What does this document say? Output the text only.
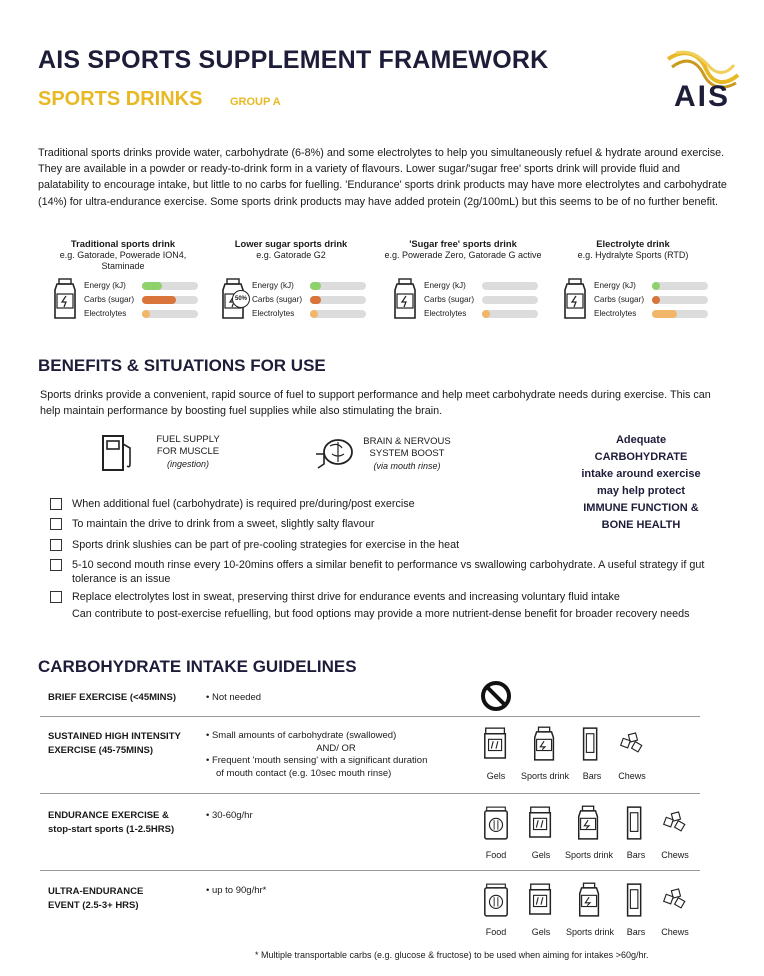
AIS SPORTS SUPPLEMENT FRAMEWORK
SPORTS DRINKS	GROUP A	AIS
Traditional sports drinks provide water, carbohydrate (6-8%) and some electrolytes to help you simultaneously refuel & hydrate around exercise. They are available in a powder or ready-to-drink form in a variety of flavours. Lower sugar/'sugar free' sports drink will provide fluid and palatability to encourage intake, but little to no carbs for fuelling. 'Endurance' sports drink products may have more electrolytes and carbohydrate (14%) for ultra-endurance exercise. Some sports drink products may have added protein (2g/100mL) but this seems to be of no further benefit.
Traditional sports drink
e.g. Gatorade, Powerade ION4, Staminade
Energy (kJ)
Carbs (sugar)
Electrolytes
Lower sugar sports drink
e.g. Gatorade G2
50%
Energy (kJ)
Carbs (sugar)
Electrolytes
'Sugar free' sports drink
e.g. Powerade Zero, Gatorade G active
Energy (kJ)
Carbs (sugar)
Electrolytes
Electrolyte drink
e.g. Hydralyte Sports (RTD)
Energy (kJ)
Carbs (sugar)
Electrolytes
BENEFITS & SITUATIONS FOR USE
Sports drinks provide a convenient, rapid source of fuel to support performance and help meet carbohydrate needs during exercise. This can help maintain performance by boosting fuel supplies while also stimulating the brain.
FUEL SUPPLY
FOR MUSCLE
(ingestion)
BRAIN & NERVOUS
SYSTEM BOOST
(via mouth rinse)
Adequate
CARBOHYDRATE
intake around exercise
may help protect
IMMUNE FUNCTION &
BONE HEALTH
When additional fuel (carbohydrate) is required pre/during/post exercise
To maintain the drive to drink from a sweet, slightly salty flavour
Sports drink slushies can be part of pre-cooling strategies for exercise in the heat
5-10 second mouth rinse every 10-20mins offers a similar benefit to performance vs swallowing carbohydrate. A useful strategy if gut tolerance is an issue
Replace electrolytes lost in sweat, preserving thirst drive for endurance events and increasing voluntary fluid intake
Can contribute to post-exercise refuelling, but food options may provide a more nutrient-dense benefit for broader recovery needs
CARBOHYDRATE INTAKE GUIDELINES
BRIEF EXERCISE (<45MINS)	• Not needed
SUSTAINED HIGH INTENSITY
EXERCISE (45-75MINS)
• Small amounts of carbohydrate (swallowed)
AND/ OR
• Frequent 'mouth sensing' with a significant duration
of mouth contact (e.g. 10sec mouth rinse)	Gels	Sports drink	Bars	Chews
ENDURANCE EXERCISE &
stop-start sports (1-2.5HRS)
• 30-60g/hr
Food	Gels	Sports drink	Bars	Chews
ULTRA-ENDURANCE
EVENT (2.5-3+ HRS)
• up to 90g/hr*
Food	Gels	Sports drink	Bars	Chews
* Multiple transportable carbs (e.g. glucose & fructose) to be used when aiming for intakes >60g/hr.
